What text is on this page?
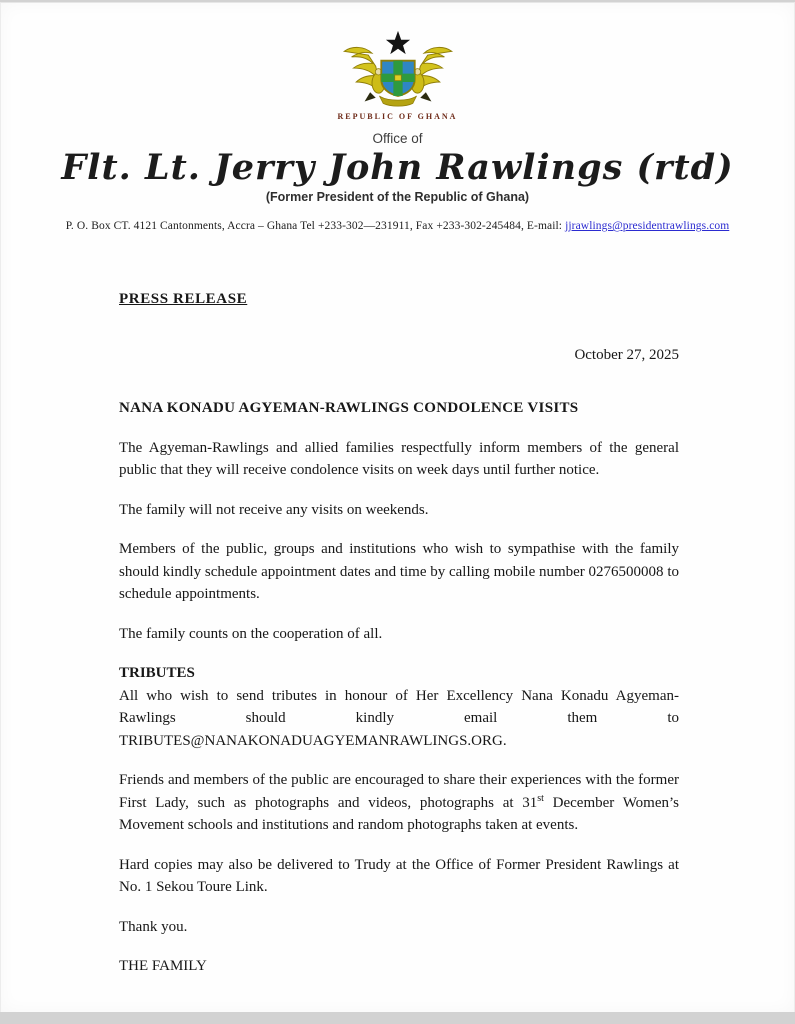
REPUBLIC OF GHANA
Office of
Flt. Lt. Jerry John Rawlings (rtd)
(Former President of the Republic of Ghana)
P. O. Box CT. 4121 Cantonments, Accra – Ghana Tel +233-302—231911, Fax +233-302-245484, E-mail: jjrawlings@presidentrawlings.com
PRESS RELEASE
October 27, 2025
NANA KONADU AGYEMAN-RAWLINGS CONDOLENCE VISITS

The Agyeman-Rawlings and allied families respectfully inform members of the general public that they will receive condolence visits on week days until further notice.

The family will not receive any visits on weekends.

Members of the public, groups and institutions who wish to sympathise with the family should kindly schedule appointment dates and time by calling mobile number 0276500008 to schedule appointments.

The family counts on the cooperation of all.

TRIBUTES

All who wish to send tributes in honour of Her Excellency Nana Konadu Agyeman-Rawlings should kindly email them to TRIBUTES@NANAKONADUAGYEMANRAWLINGS.ORG.

Friends and members of the public are encouraged to share their experiences with the former First Lady, such as photographs and videos, photographs at 31st December Women’s Movement schools and institutions and random photographs taken at events.

Hard copies may also be delivered to Trudy at the Office of Former President Rawlings at No. 1 Sekou Toure Link.

Thank you.

THE FAMILY
